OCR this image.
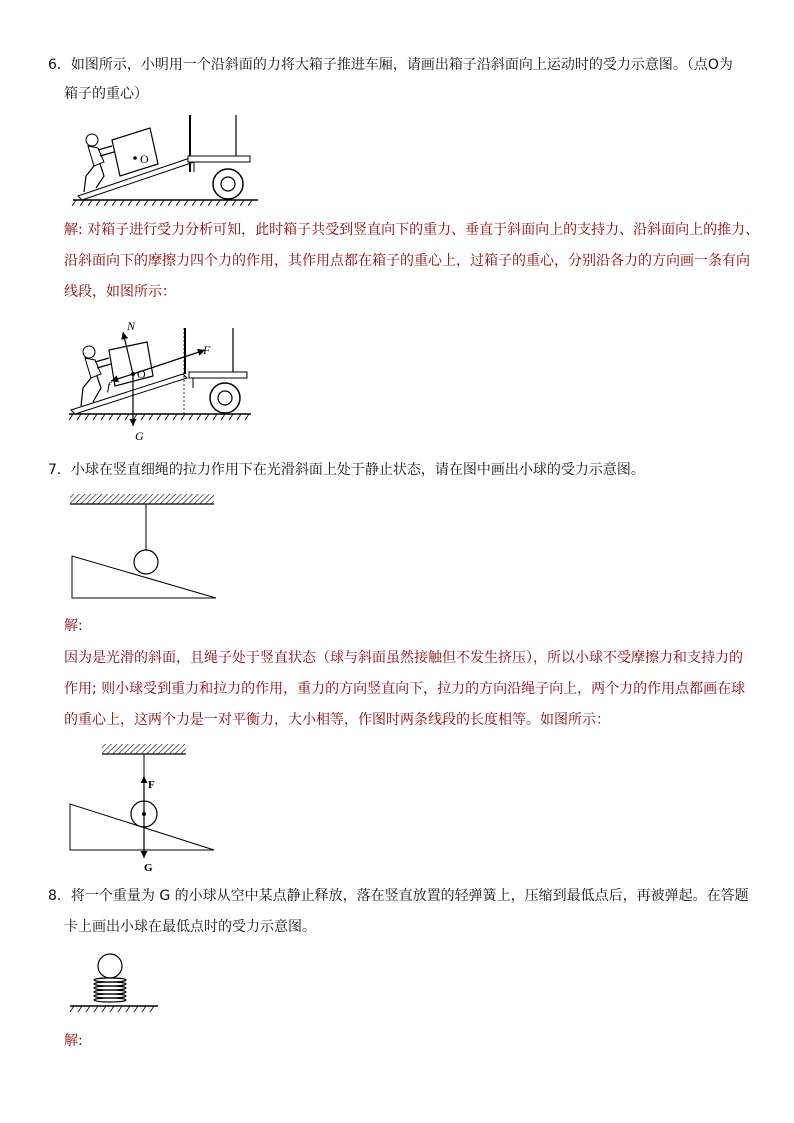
6．如图所示，小明用一个沿斜面的力将大箱子推进车厢，请画出箱子沿斜面向上运动时的受力示意图。（点O为
箱子的重心）
O
解: 对箱子进行受力分析可知，此时箱子共受到竖直向下的重力、垂直于斜面向上的支持力、沿斜面向上的推力、
沿斜面向下的摩擦力四个力的作用，其作用点都在箱子的重心上，过箱子的重心，分别沿各力的方向画一条有向
线段，如图所示：
N
F
f
O
G
7．小球在竖直细绳的拉力作用下在光滑斜面上处于静止状态，请在图中画出小球的受力示意图。
解:
因为是光滑的斜面，且绳子处于竖直状态（球与斜面虽然接触但不发生挤压），所以小球不受摩擦力和支持力的
作用; 则小球受到重力和拉力的作用，重力的方向竖直向下，拉力的方向沿绳子向上，两个力的作用点都画在球
的重心上，这两个力是一对平衡力，大小相等，作图时两条线段的长度相等。如图所示：
F
G
8．将一个重量为 G 的小球从空中某点静止释放，落在竖直放置的轻弹簧上，压缩到最低点后，再被弹起。在答题
卡上画出小球在最低点时的受力示意图。
解:
